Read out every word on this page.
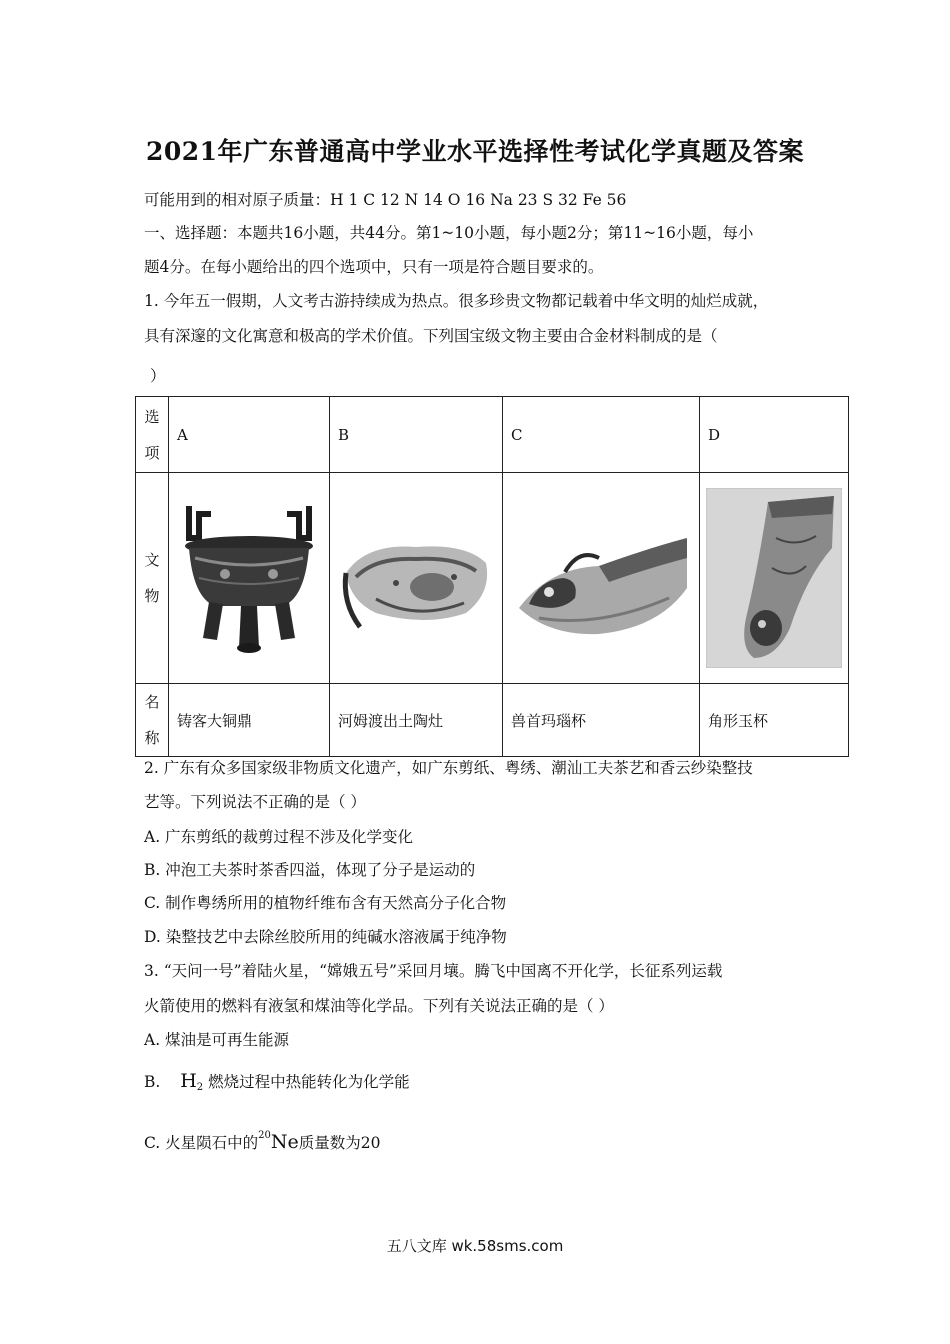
2021年广东普通高中学业水平选择性考试化学真题及答案
可能用到的相对原子质量：H 1 C 12 N 14 O 16 Na 23 S 32 Fe 56
一、选择题：本题共16小题，共44分。第1~10小题，每小题2分；第11~16小题，每小
题4分。在每小题给出的四个选项中，只有一项是符合题目要求的。
1. 今年五一假期，人文考古游持续成为热点。很多珍贵文物都记载着中华文明的灿烂成就，
具有深邃的文化寓意和极高的学术价值。下列国宝级文物主要由合金材料制成的是（
）
选
项	A	B	C	D

文
物

名
称	铸客大铜鼎	河姆渡出土陶灶	兽首玛瑙杯	角形玉杯
2. 广东有众多国家级非物质文化遗产，如广东剪纸、粤绣、潮汕工夫茶艺和香云纱染整技
艺等。下列说法不正确的是（ ）
A. 广东剪纸的裁剪过程不涉及化学变化
B. 冲泡工夫茶时茶香四溢，体现了分子是运动的
C. 制作粤绣所用的植物纤维布含有天然高分子化合物
D. 染整技艺中去除丝胶所用的纯碱水溶液属于纯净物
3. “天问一号”着陆火星，“嫦娥五号”采回月壤。腾飞中国离不开化学，长征系列运载
火箭使用的燃料有液氢和煤油等化学品。下列有关说法正确的是（ ）
A. 煤油是可再生能源
B. $H_2$ 燃烧过程中热能转化为化学能
C. 火星陨石中的$^{20}$Ne质量数为20
五八文库 wk.58sms.com
